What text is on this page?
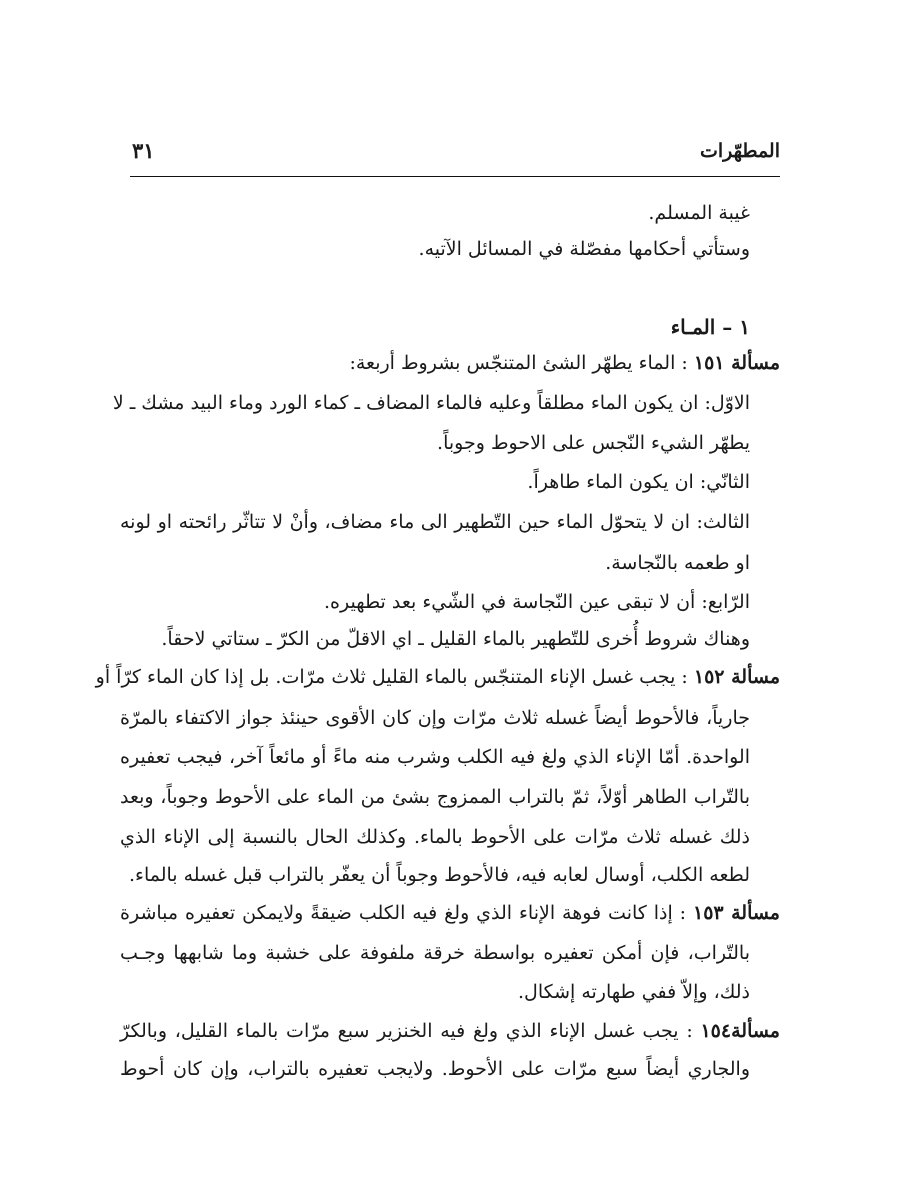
المطهّرات
٣١
غيبة المسلم.
وستأتي أحكامها مفصّلة في المسائل الآتيه.
١ – المـاء
مسألة ١٥١ : الماء يطهّر الشئ المتنجّس بشروط أربعة:
الاوّل: ان يكون الماء مطلقاً وعليه فالماء المضاف ـ كماء الورد وماء البيد مشك ـ لا
يطهّر الشيء النّجس على الاحوط وجوباً.
الثانّي: ان يكون الماء طاهراً.
الثالث: ان لا يتحوّل الماء حين التّطهير الى ماء مضاف، وأنْ لا تتاثّر رائحته او لونه
او طعمه بالنّجاسة.
الرّابع: أن لا تبقى عين النّجاسة في الشّيء بعد تطهيره.
وهناك شروط أُخرى للتّطهير بالماء القليل ـ اي الاقلّ من الكرّ ـ ستاتي لاحقاً.
مسألة ١٥٢ : يجب غسل الإناء المتنجّس بالماء القليل ثلاث مرّات. بل إذا كان الماء كرّاً أو
جارياً، فالأحوط أيضاً غسله ثلاث مرّات وإن كان الأقوى حينئذ جواز الاكتفاء بالمرّة
الواحدة. أمّا الإناء الذي ولغ فيه الكلب وشرب منه ماءً أو مائعاً آخر، فيجب تعفيره
بالتّراب الطاهر أوّلاً، ثمّ بالتراب الممزوج بشئ من الماء على الأحوط وجوباً، وبعد
ذلك غسله ثلاث مرّات على الأحوط بالماء. وكذلك الحال بالنسبة إلى الإناء الذي
لطعه الكلب، أوسال لعابه فيه، فالأحوط وجوباً أن يعفّر بالتراب قبل غسله بالماء.
مسألة ١٥٣ : إذا كانت فوهة الإناء الذي ولغ فيه الكلب ضيقةً ولايمكن تعفيره مباشرة
بالتّراب، فإن أمكن تعفيره بواسطة خرقة ملفوفة على خشبة وما شابهها وجـب
ذلك، وإلاّ ففي طهارته إشكال.
مسألة١٥٤ : يجب غسل الإناء الذي ولغ فيه الخنزير سبع مرّات بالماء القليل، وبالكرّ
والجاري أيضاً سبع مرّات على الأحوط. ولايجب تعفيره بالتراب، وإن كان أحوط
